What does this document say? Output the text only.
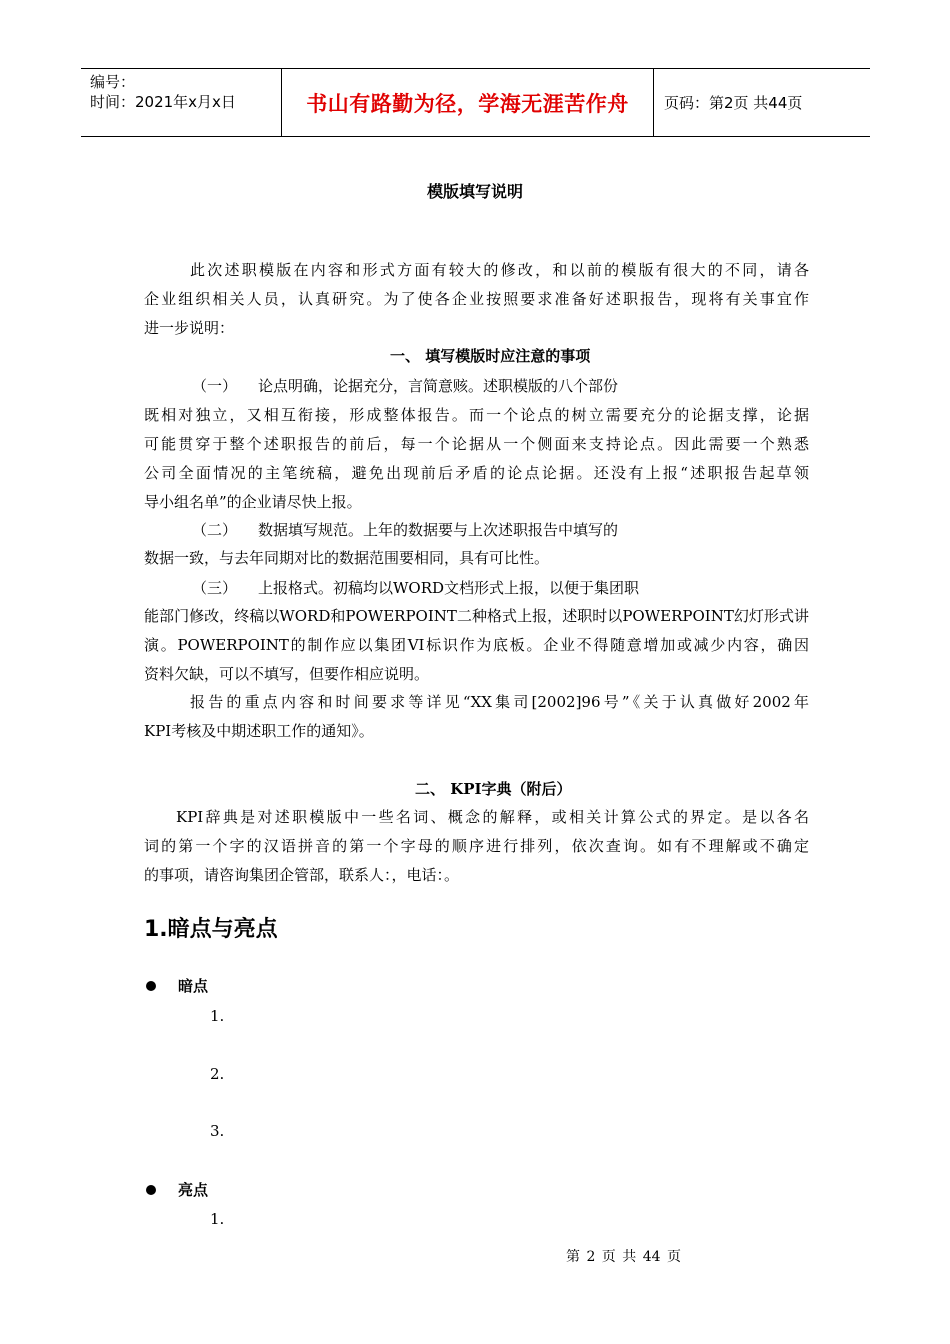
编号：
时间：2021年x月x日	书山有路勤为径，学海无涯苦作舟	页码：第2页 共44页
模版填写说明
此次述职模版在内容和形式方面有较大的修改，和以前的模版有很大的不同，请各
企业组织相关人员，认真研究。为了使各企业按照要求准备好述职报告，现将有关事宜作
进一步说明：
一、 填写模版时应注意的事项
（一） 论点明确，论据充分，言简意赅。述职模版的八个部份
既相对独立，又相互衔接，形成整体报告。而一个论点的树立需要充分的论据支撑，论据
可能贯穿于整个述职报告的前后，每一个论据从一个侧面来支持论点。因此需要一个熟悉
公司全面情况的主笔统稿，避免出现前后矛盾的论点论据。还没有上报“述职报告起草领
导小组名单”的企业请尽快上报。
（二） 数据填写规范。上年的数据要与上次述职报告中填写的
数据一致，与去年同期对比的数据范围要相同，具有可比性。
（三） 上报格式。初稿均以WORD文档形式上报，以便于集团职
能部门修改，终稿以WORD和POWERPOINT二种格式上报，述职时以POWERPOINT幻灯形式讲
演。POWERPOINT的制作应以集团VI标识作为底板。企业不得随意增加或减少内容，确因
资料欠缺，可以不填写，但要作相应说明。
报告的重点内容和时间要求等详见“XX集司[2002]96号”《关于认真做好2002年
KPI考核及中期述职工作的通知》。
二、 KPI字典（附后）
KPI辞典是对述职模版中一些名词、概念的解释，或相关计算公式的界定。是以各名
词的第一个字的汉语拼音的第一个字母的顺序进行排列，依次查询。如有不理解或不确定
的事项，请咨询集团企管部，联系人：，电话：。
1.暗点与亮点
暗点
1.
2.
3.
亮点
1.
第 2 页 共 44 页
